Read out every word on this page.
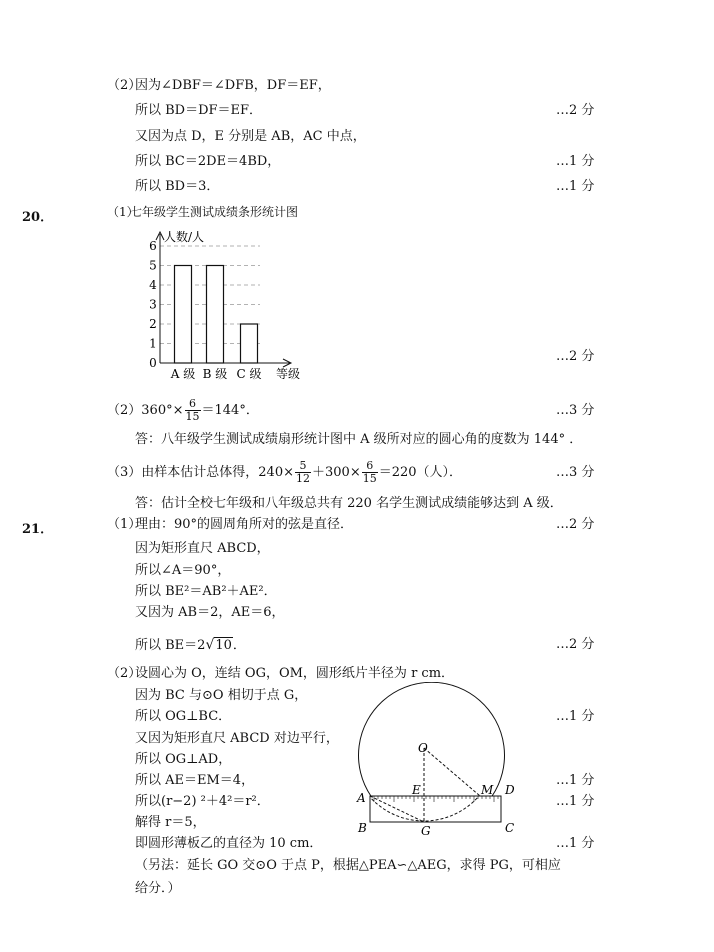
（2）
因为∠DBF＝∠DFB，DF＝EF，
所以 BD＝DF＝EF．	…2 分
又因为点 D，E 分别是 AB，AC 中点，
所以 BC＝2DE＝4BD，	…1 分
所以 BD＝3．	…1 分
20．	（1）
七年级学生测试成绩条形统计图
人数/人
等级
0
1
2
3
4
5
6
A 级 B 级 C 级
…2 分
$(2)360^\circ\times \frac{6}{15} =144^\circ$．	…3 分
答：八年级学生测试成绩扇形统计图中 A 级所对应的圆心角的度数为 144° ．
（3）由样本估计总体得，$240\times \frac{5}{12} +300\times \frac{6}{15} =220$（人）．	…3 分
答：估计全校七年级和八年级总共有 220 名学生测试成绩能够达到 A 级．
21．	（1）
理由：90°的圆周角所对的弦是直径．	…2 分
因为矩形直尺 ABCD，
所以∠A＝90°，
所以 BE²＝AB²＋AE²．
又因为 AB＝2，AE＝6，
所以 BE＝2√10．	…2 分
（2）
设圆心为 O，连结 OG，OM，圆形纸片半径为 r cm．
因为 BC 与⊙O 相切于点 G，
所以 OG⊥BC．	…1 分
又因为矩形直尺 ABCD 对边平行，
所以 OG⊥AD，
所以 AE＝EM＝4，	…1 分
所以(r−2) ²＋4²＝r²．	…1 分
解得 r＝5，
即圆形薄板乙的直径为 10 cm．	…1 分
（另法：延长 GO 交⊙O 于点 P，根据△PEA∽△AEG，求得 PG，可相应
给分．）
O
A
B	C
D
E
G
M
